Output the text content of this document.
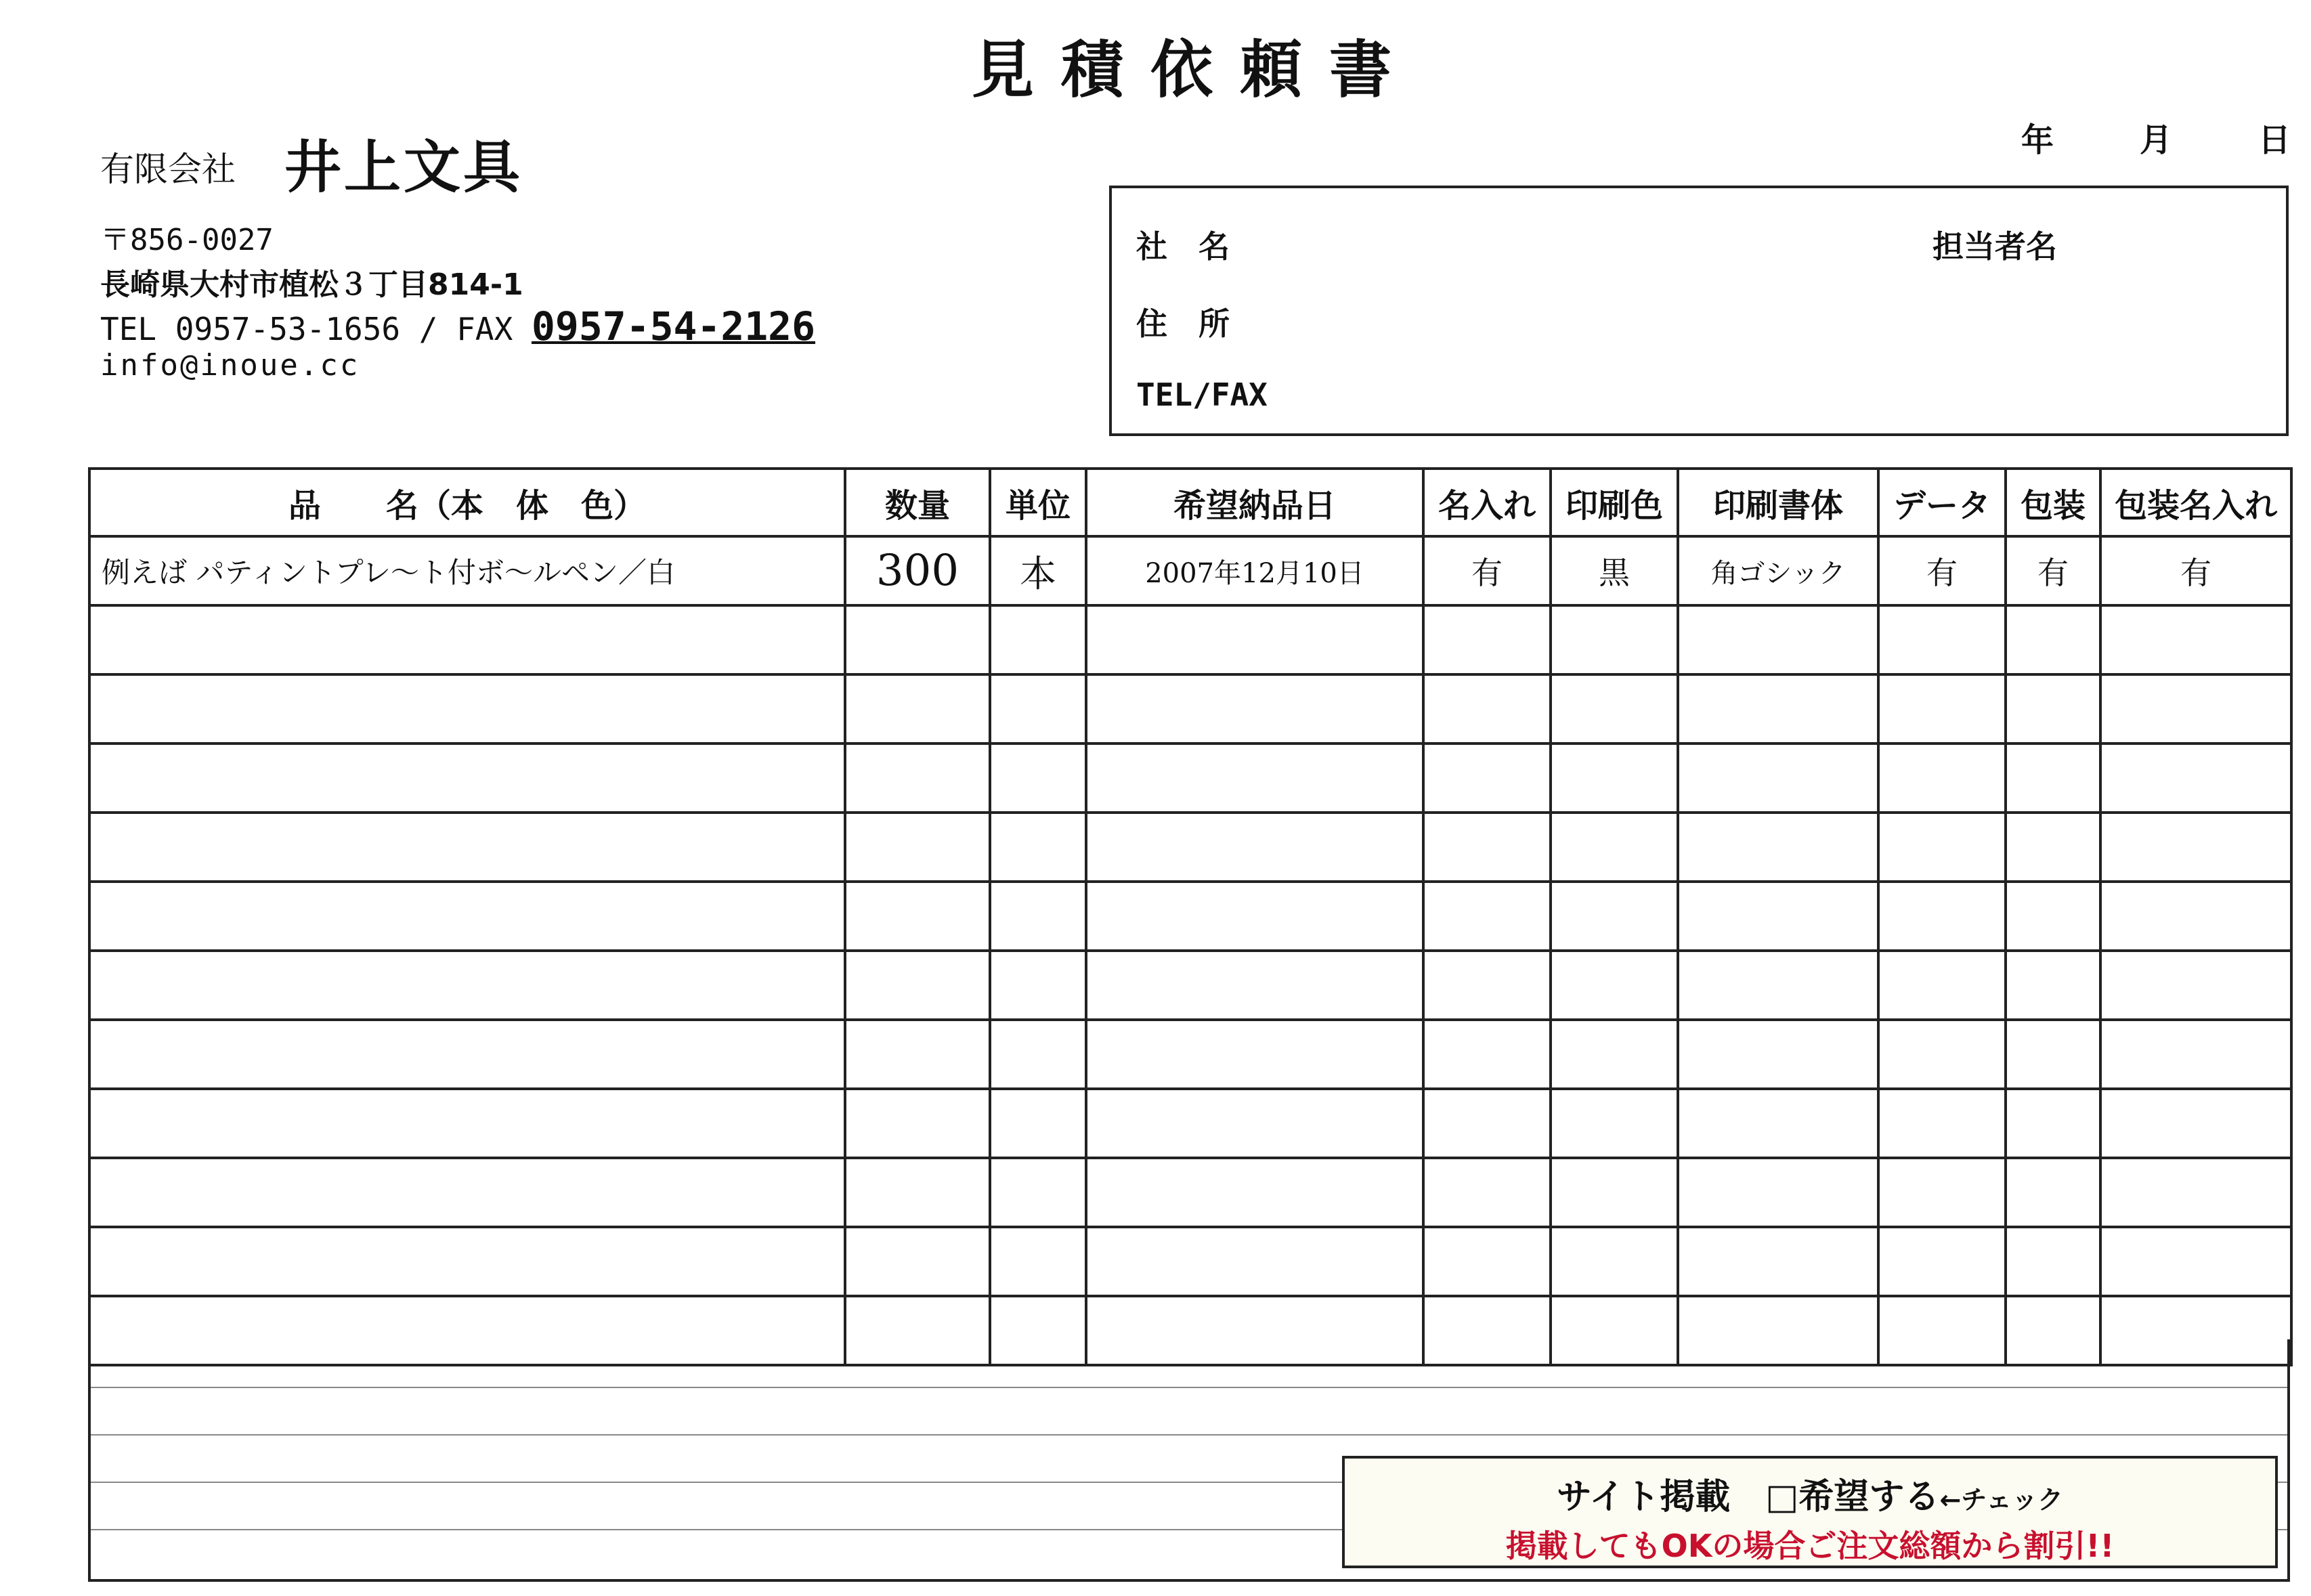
見積依頼書
年	月	日
有限会社 井上文具
〒856-0027
長崎県大村市植松３丁目814-1
TEL 0957-53-1656 / FAX 0957-54-2126
info@inoue.cc
社　名	担当者名
住　所
TEL/FAX
品　　名（本　体　色）	数量	単位	希望納品日	名入れ	印刷色	印刷書体	データ	包装	包装名入れ
例えば パティントプレ〜ト付ボ〜ルペン／白	300	本	2007年12月10日	有	黒	角ゴシック	有	有	有

サイト掲載　□希望する←チェック
掲載してもOKの場合ご注文総額から割引!!
